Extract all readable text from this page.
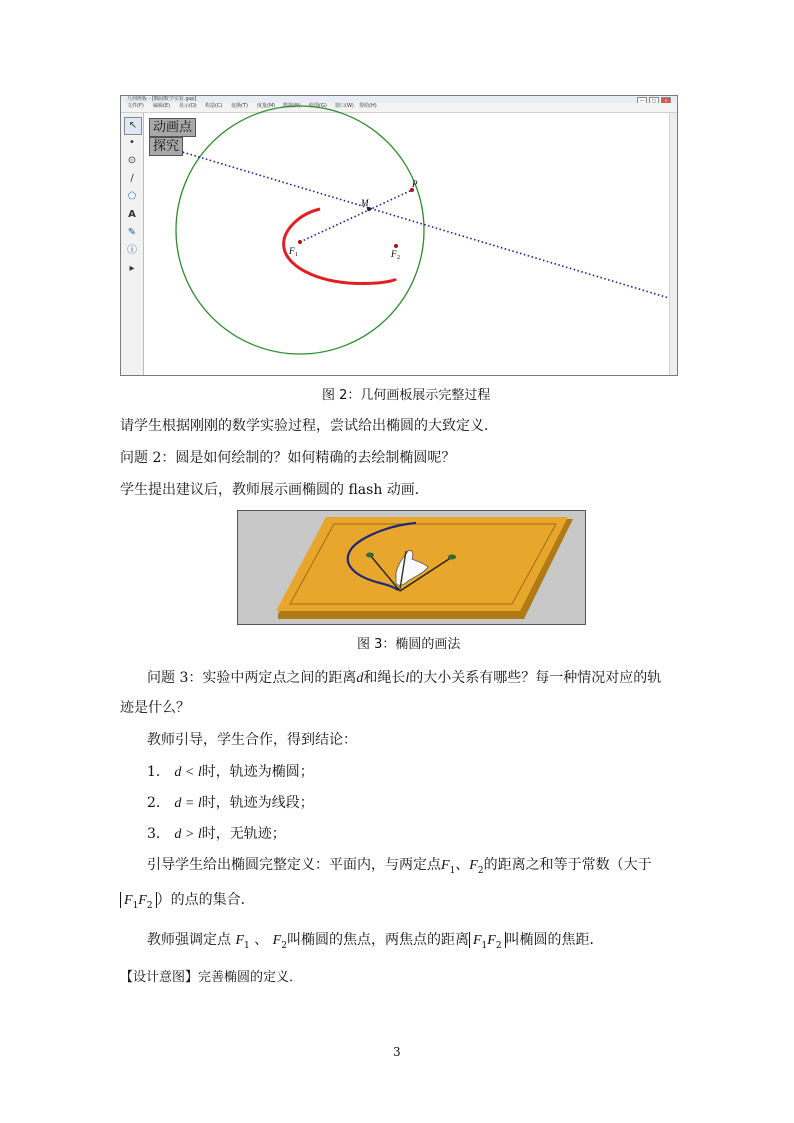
几何画板 - [椭圆数学实验.gsp]	—	□	×
文件(F) 编辑(E) 显示(D) 构造(C) 变换(T) 度量(M) 数据(N) 绘图(G) 窗口(W) 帮助(H)
↖
•
⊙
∕
⬠
A
✎
ⓘ
▸
M
P
F 1	F 2
动画点
探究
图 2：几何画板展示完整过程
请学生根据刚刚的数学实验过程，尝试给出椭圆的大致定义．
问题 2：圆是如何绘制的？如何精确的去绘制椭圆呢？
学生提出建议后，教师展示画椭圆的 flash 动画．
图 3：椭圆的画法
问题 3：实验中两定点之间的距离d和绳长l的大小关系有哪些？每一种情况对应的轨
迹是什么？
教师引导，学生合作，得到结论：
1． d < l时，轨迹为椭圆；
2． d = l时，轨迹为线段；
3． d > l时，无轨迹；
引导学生给出椭圆完整定义：平面内，与两定点$F_1$、$F_2$的距离之和等于常数（大于
$F_1F_2$ ）的点的集合．
教师强调定点 $F_1$ 、 $F_2$叫椭圆的焦点，两焦点的距离 $F_1F_2$ 叫椭圆的焦距．
【设计意图】完善椭圆的定义．
3
